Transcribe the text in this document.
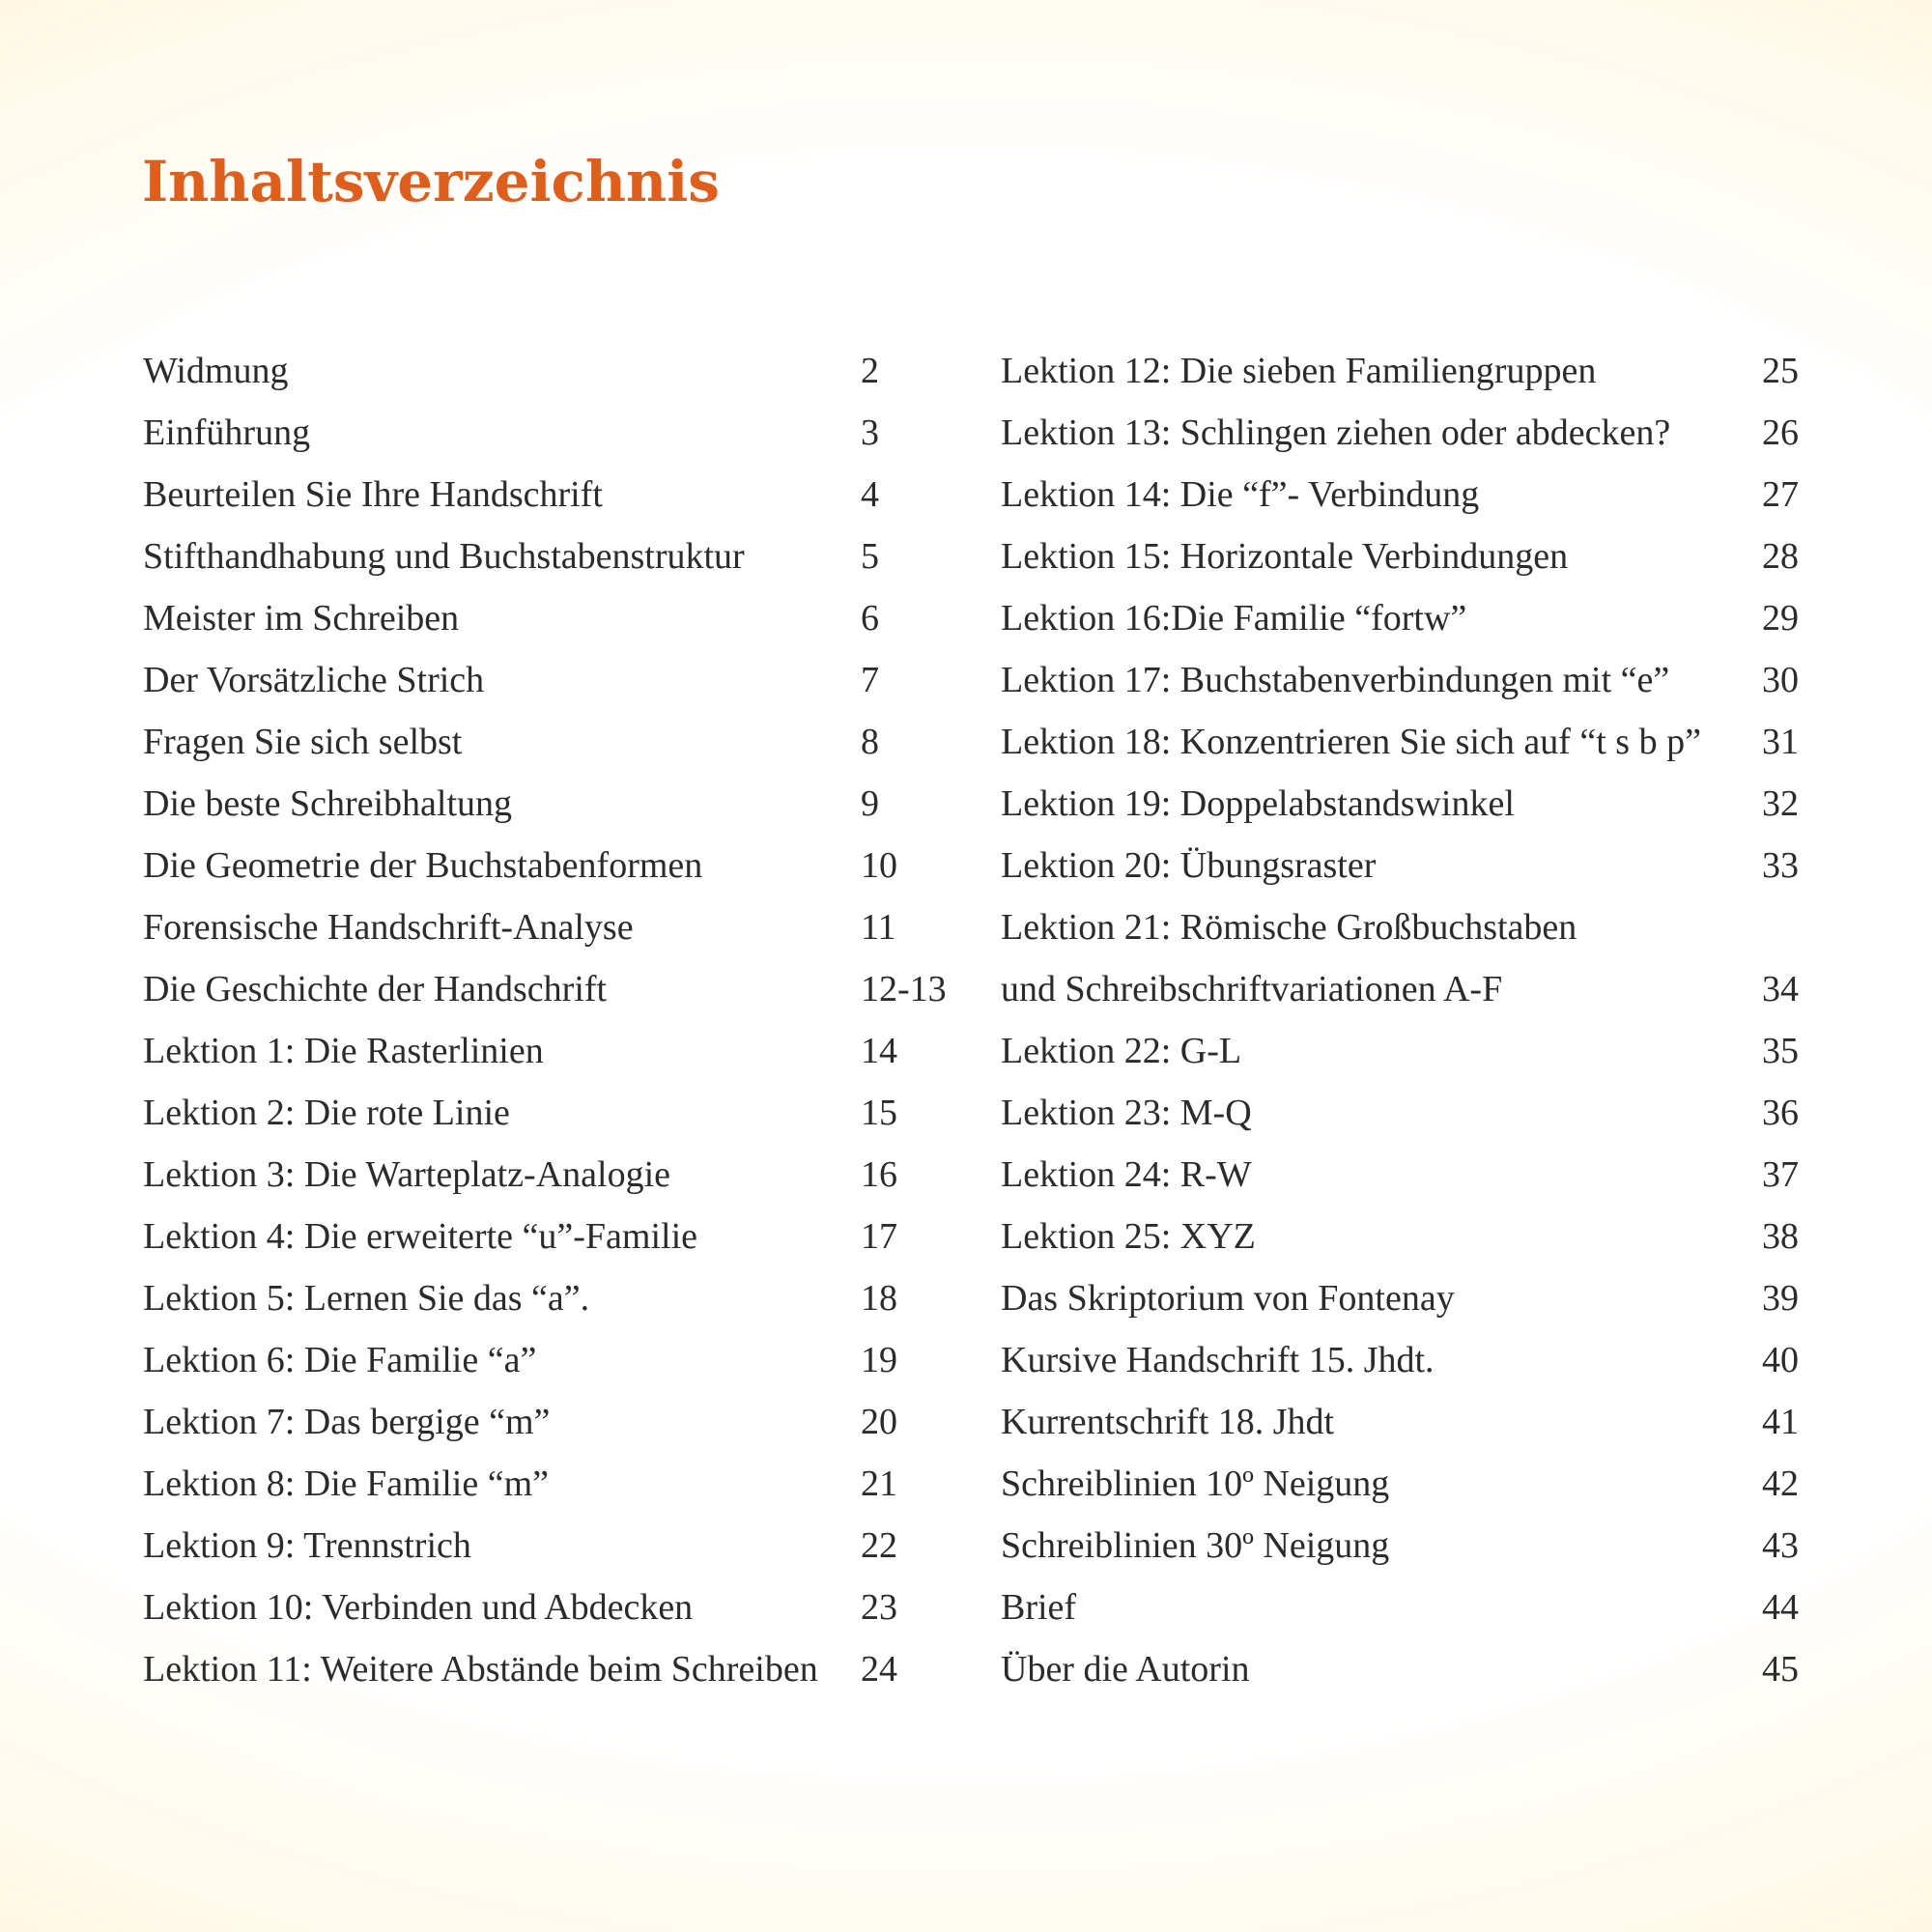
Inhaltsverzeichnis
Widmung	2
Einführung	3
Beurteilen Sie Ihre Handschrift	4
Stifthandhabung und Buchstabenstruktur	5
Meister im Schreiben	6
Der Vorsätzliche Strich	7
Fragen Sie sich selbst	8
Die beste Schreibhaltung	9
Die Geometrie der Buchstabenformen	10
Forensische Handschrift-Analyse	11
Die Geschichte der Handschrift	12-13
Lektion 1: Die Rasterlinien	14
Lektion 2: Die rote Linie	15
Lektion 3: Die Warteplatz-Analogie	16
Lektion 4: Die erweiterte “u”-Familie	17
Lektion 5: Lernen Sie das “a”.	18
Lektion 6: Die Familie “a”	19
Lektion 7: Das bergige “m”	20
Lektion 8: Die Familie “m”	21
Lektion 9: Trennstrich	22
Lektion 10: Verbinden und Abdecken	23
Lektion 11: Weitere Abstände beim Schreiben 24
Lektion 12: Die sieben Familiengruppen	25
Lektion 13: Schlingen ziehen oder abdecken? 26
Lektion 14: Die “f”- Verbindung	27
Lektion 15: Horizontale Verbindungen	28
Lektion 16:Die Familie “fortw”	29
Lektion 17: Buchstabenverbindungen mit “e”	30
Lektion 18: Konzentrieren Sie sich auf “t s b p” 31
Lektion 19: Doppelabstandswinkel	32
Lektion 20: Übungsraster	33
Lektion 21: Römische Großbuchstaben
und Schreibschriftvariationen A-F	34
Lektion 22: G-L	35
Lektion 23: M-Q	36
Lektion 24: R-W	37
Lektion 25: XYZ	38
Das Skriptorium von Fontenay	39
Kursive Handschrift 15. Jhdt.	40
Kurrentschrift 18. Jhdt	41
Schreiblinien 10º Neigung	42
Schreiblinien 30º Neigung	43
Brief	44
Über die Autorin	45
